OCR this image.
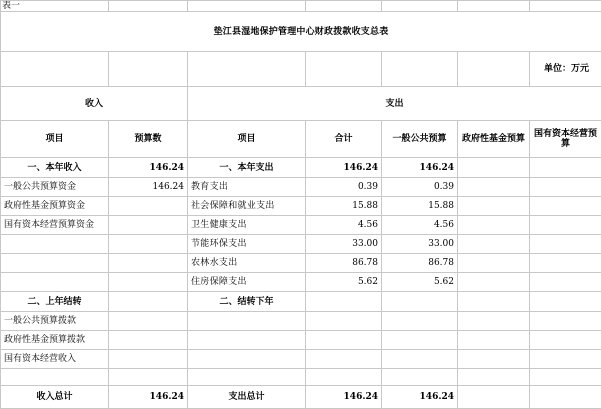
表一						
垫江县湿地保护管理中心财政拨款收支总表						
						单位：万元
收入		支出				
项目	预算数	项目	合计	一般公共预算	政府性基金预算	国有资本经营预算
一、本年收入	146.24	一、本年支出	146.24	146.24		
一般公共预算资金	146.24	教育支出	0.39	0.39		
政府性基金预算资金		社会保障和就业支出	15.88	15.88		
国有资本经营预算资金		卫生健康支出	4.56	4.56		
		节能环保支出	33.00	33.00		
		农林水支出	86.78	86.78		
		住房保障支出	5.62	5.62		
二、上年结转		二、结转下年				
一般公共预算拨款						
政府性基金预算拨款						
国有资本经营收入						

收入总计	146.24	支出总计	146.24	146.24		
